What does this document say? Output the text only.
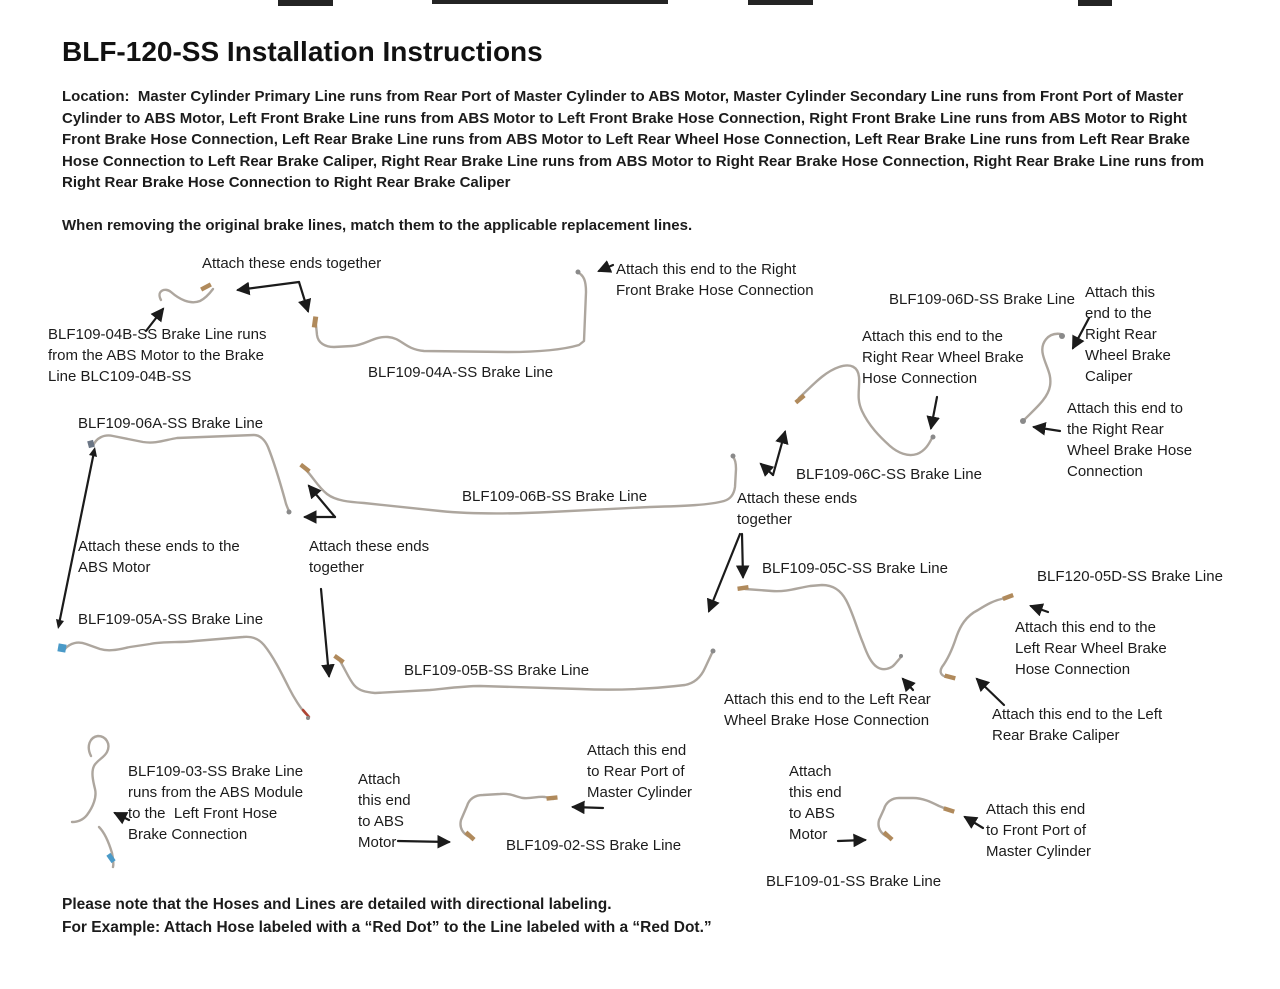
BLF-120-SS Installation Instructions
Location:  Master Cylinder Primary Line runs from Rear Port of Master Cylinder to ABS Motor, Master Cylinder Secondary Line runs from Front Port of Master Cylinder to ABS Motor, Left Front Brake Line runs from ABS Motor to Left Front Brake Hose Connection, Right Front Brake Line runs from ABS Motor to Right Front Brake Hose Connection, Left Rear Brake Line runs from ABS Motor to Left Rear Wheel Hose Connection, Left Rear Brake Line runs from Left Rear Brake Hose Connection to Left Rear Brake Caliper, Right Rear Brake Line runs from ABS Motor to Right Rear Brake Hose Connection, Right Rear Brake Line runs from Right Rear Brake Hose Connection to Right Rear Brake Caliper
When removing the original brake lines, match them to the applicable replacement lines.
Attach these ends together	Attach this end to the Right Front Brake Hose Connection
BLF109-06D-SS Brake Line Attach this end to the Right Rear Wheel Brake Caliper
BLF109-04B-SS Brake Line runs from the ABS Motor to the Brake Line BLC109-04B-SS	BLF109-04A-SS Brake Line
Attach this end to the Right Rear Wheel Brake Hose Connection
Attach this end to the Right Rear Wheel Brake Hose Connection
BLF109-06A-SS Brake Line
BLF109-06C-SS Brake Line
BLF109-06B-SS Brake Line	Attach these ends together
Attach these ends to the ABS Motor
Attach these ends together	BLF109-05C-SS Brake Line	BLF120-05D-SS Brake Line
BLF109-05A-SS Brake Line	Attach this end to the Left Rear Wheel Brake Hose Connection
BLF109-05B-SS Brake Line
Attach this end to the Left Rear Wheel Brake Hose Connection	Attach this end to the Left Rear Brake Caliper
BLF109-03-SS Brake Line runs from the ABS Module to the  Left Front Hose Brake Connection
Attach this end to ABS Motor
Attach this end to Rear Port of Master Cylinder
BLF109-02-SS Brake Line
Attach this end to ABS Motor
Attach this end to Front Port of Master Cylinder
BLF109-01-SS Brake Line
Please note that the Hoses and Lines are detailed with directional labeling.
For Example: Attach Hose labeled with a “Red Dot” to the Line labeled with a “Red Dot.”
